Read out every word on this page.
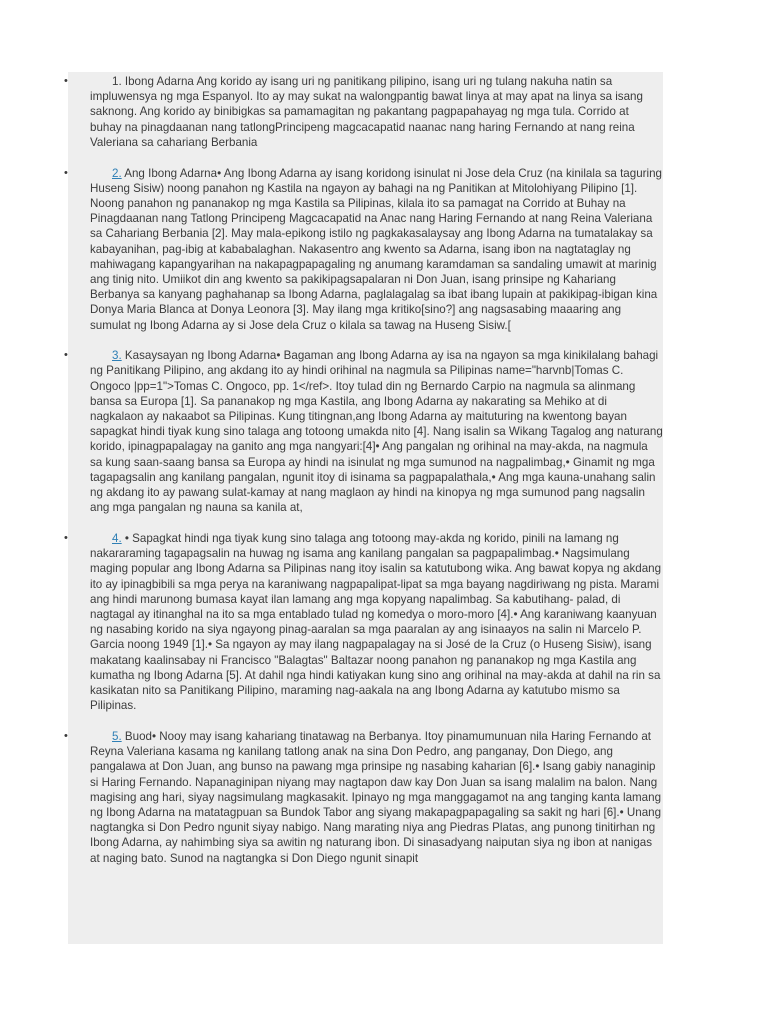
•	1. Ibong Adarna Ang korido ay isang uri ng panitikang pilipino, isang uri ng tulang nakuha natin sa impluwensya ng mga Espanyol. Ito ay may sukat na walongpantig bawat linya at may apat na linya sa isang saknong. Ang korido ay binibigkas sa pamamagitan ng pakantang pagpapahayag ng mga tula. Corrido at buhay na pinagdaanan nang tatlongPrincipeng magcacapatid naanac nang haring Fernando at nang reina Valeriana sa cahariang Berbania
•	2. Ang Ibong Adarna• Ang Ibong Adarna ay isang koridong isinulat ni Jose dela Cruz (na kinilala sa taguring Huseng Sisiw) noong panahon ng Kastila na ngayon ay bahagi na ng Panitikan at Mitolohiyang Pilipino [1]. Noong panahon ng pananakop ng mga Kastila sa Pilipinas, kilala ito sa pamagat na Corrido at Buhay na Pinagdaanan nang Tatlong Principeng Magcacapatid na Anac nang Haring Fernando at nang Reina Valeriana sa Cahariang Berbania [2]. May mala-epikong istilo ng pagkakasalaysay ang Ibong Adarna na tumatalakay sa kabayanihan, pag-ibig at kababalaghan. Nakasentro ang kwento sa Adarna, isang ibon na nagtataglay ng mahiwagang kapangyarihan na nakapagpapagaling ng anumang karamdaman sa sandaling umawit at marinig ang tinig nito. Umiikot din ang kwento sa pakikipagsapalaran ni Don Juan, isang prinsipe ng Kahariang Berbanya sa kanyang paghahanap sa Ibong Adarna, paglalagalag sa ibat ibang lupain at pakikipag-ibigan kina Donya Maria Blanca at Donya Leonora [3]. May ilang mga kritiko[sino?] ang nagsasabing maaaring ang sumulat ng Ibong Adarna ay si Jose dela Cruz o kilala sa tawag na Huseng Sisiw.[
•	3. Kasaysayan ng Ibong Adarna• Bagaman ang Ibong Adarna ay isa na ngayon sa mga kinikilalang bahagi ng Panitikang Pilipino, ang akdang ito ay hindi orihinal na nagmula sa Pilipinas name="harvnb|Tomas C. Ongoco |pp=1">Tomas C. Ongoco, pp. 1</ref>. Itoy tulad din ng Bernardo Carpio na nagmula sa alinmang bansa sa Europa [1]. Sa pananakop ng mga Kastila, ang Ibong Adarna ay nakarating sa Mehiko at di nagkalaon ay nakaabot sa Pilipinas. Kung titingnan,ang Ibong Adarna ay maituturing na kwentong bayan sapagkat hindi tiyak kung sino talaga ang totoong umakda nito [4]. Nang isalin sa Wikang Tagalog ang naturang korido, ipinagpapalagay na ganito ang mga nangyari:[4]• Ang pangalan ng orihinal na may-akda, na nagmula sa kung saan-saang bansa sa Europa ay hindi na isinulat ng mga sumunod na nagpalimbag,• Ginamit ng mga tagapagsalin ang kanilang pangalan, ngunit itoy di isinama sa pagpapalathala,• Ang mga kauna-unahang salin ng akdang ito ay pawang sulat-kamay at nang maglaon ay hindi na kinopya ng mga sumunod pang nagsalin ang mga pangalan ng nauna sa kanila at,
•	4. • Sapagkat hindi nga tiyak kung sino talaga ang totoong may-akda ng korido, pinili na lamang ng nakararaming tagapagsalin na huwag ng isama ang kanilang pangalan sa pagpapalimbag.• Nagsimulang maging popular ang Ibong Adarna sa Pilipinas nang itoy isalin sa katutubong wika. Ang bawat kopya ng akdang ito ay ipinagbibili sa mga perya na karaniwang nagpapalipat-lipat sa mga bayang nagdiriwang ng pista. Marami ang hindi marunong bumasa kayat ilan lamang ang mga kopyang napalimbag. Sa kabutihang- palad, di nagtagal ay itinanghal na ito sa mga entablado tulad ng komedya o moro-moro [4].• Ang karaniwang kaanyuan ng nasabing korido na siya ngayong pinag-aaralan sa mga paaralan ay ang isinaayos na salin ni Marcelo P. Garcia noong 1949 [1].• Sa ngayon ay may ilang nagpapalagay na si José de la Cruz (o Huseng Sisiw), isang makatang kaalinsabay ni Francisco "Balagtas" Baltazar noong panahon ng pananakop ng mga Kastila ang kumatha ng Ibong Adarna [5]. At dahil nga hindi katiyakan kung sino ang orihinal na may-akda at dahil na rin sa kasikatan nito sa Panitikang Pilipino, maraming nag-aakala na ang Ibong Adarna ay katutubo mismo sa Pilipinas.
•	5. Buod• Nooy may isang kahariang tinatawag na Berbanya. Itoy pinamumunuan nila Haring Fernando at Reyna Valeriana kasama ng kanilang tatlong anak na sina Don Pedro, ang panganay, Don Diego, ang pangalawa at Don Juan, ang bunso na pawang mga prinsipe ng nasabing kaharian [6].• Isang gabiy nanaginip si Haring Fernando. Napanaginipan niyang may nagtapon daw kay Don Juan sa isang malalim na balon. Nang magising ang hari, siyay nagsimulang magkasakit. Ipinayo ng mga manggagamot na ang tanging kanta lamang ng Ibong Adarna na matatagpuan sa Bundok Tabor ang siyang makapagpapagaling sa sakit ng hari [6].• Unang nagtangka si Don Pedro ngunit siyay nabigo. Nang marating niya ang Piedras Platas, ang punong tinitirhan ng Ibong Adarna, ay nahimbing siya sa awitin ng naturang ibon. Di sinasadyang naiputan siya ng ibon at nanigas at naging bato. Sunod na nagtangka si Don Diego ngunit sinapit
